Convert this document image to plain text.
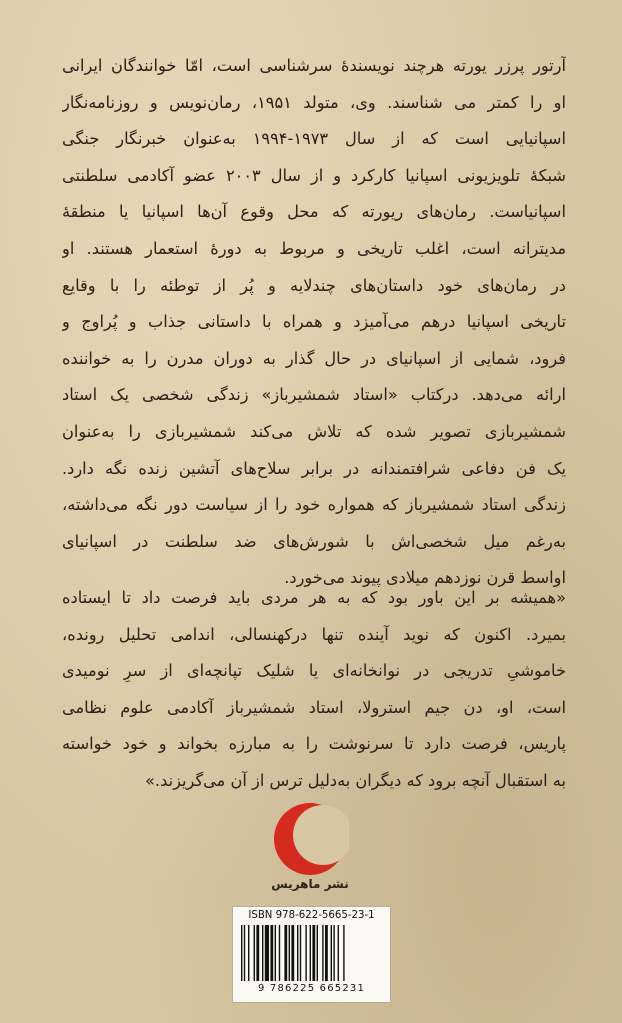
آرتور پرزر یورته هرچند نویسندهٔ سرشناسی است، امّا خوانندگان ایرانی
او را کمتر می شناسند. وی، متولد ۱۹۵۱، رمان‌نویس و روزنامه‌نگار
اسپانیایی است که از سال ۱۹۷۳-۱۹۹۴ به‌عنوان خبرنگار جنگی
شبکهٔ تلویزیونی اسپانیا کارکرد و از سال ۲۰۰۳ عضو آکادمی سلطنتی
اسپانیاست. رمان‌های ریورته که محل وقوع آن‌ها اسپانیا یا منطقهٔ
مدیترانه است، اغلب تاریخی و مربوط به دورهٔ استعمار هستند. او
در رمان‌های خود داستان‌های چندلایه و پُر از توطئه را با وقایع
تاریخی اسپانیا درهم می‌آمیزد و همراه با داستانی جذاب و پُراوج و
فرود، شمایی از اسپانیای در حال گذار به دوران مدرن را به خواننده
ارائه می‌دهد. درکتاب «استاد شمشیرباز» زندگی شخصی یک استاد
شمشیربازی تصویر شده که تلاش می‌کند شمشیربازی را به‌عنوان
یک فن دفاعی شرافتمندانه در برابر سلاح‌های آتشین زنده نگه دارد.
زندگی استاد شمشیرباز که همواره خود را از سیاست دور نگه می‌داشته،
به‌رغم میل شخصی‌اش با شورش‌های ضد سلطنت در اسپانیای
اواسط قرن نوزدهم میلادی پیوند می‌خورد.
«همیشه بر این باور بود که به هر مردی باید فرصت داد تا ایستاده
بمیرد. اکنون که نوید آینده تنها درکهنسالی، اندامی تحلیل رونده،
خاموشیِ تدریجی در نوانخانه‌ای یا شلیک تپانچه‌ای از سرِ نومیدی
است، او، دن جیم استرولا، استاد شمشیرباز آکادمی علوم نظامی
پاریس، فرصت دارد تا سرنوشت را به مبارزه بخواند و خود خواسته
به استقبال آنچه برود که دیگران به‌دلیل ترس از آن می‌گریزند.»
نشر ماهریس
ISBN 978-622-5665-23-1
9 786225 665231
